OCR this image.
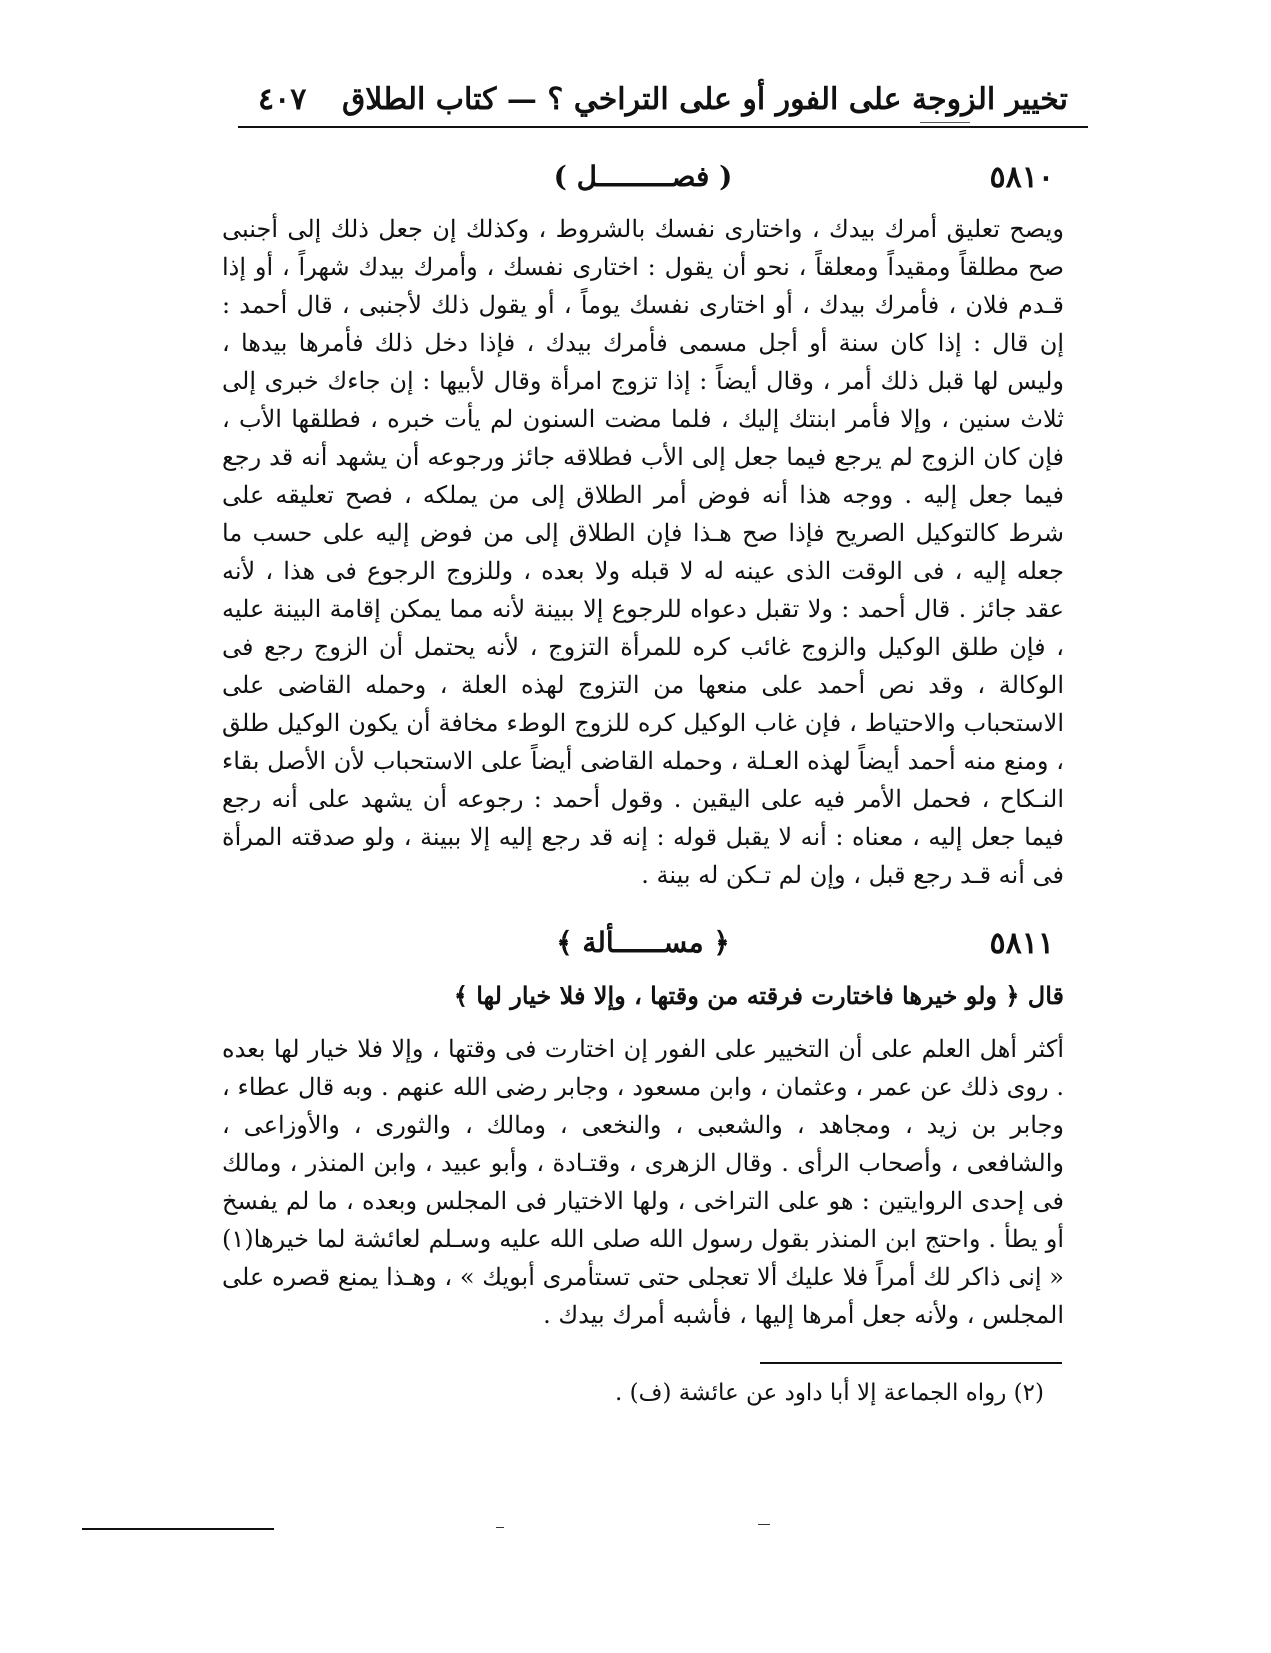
تخيير الزوجة على الفور أو على التراخي ؟ — كتاب الطلاق
٤٠٧
٥٨١٠
( فصـــــــــل )

ويصح تعليق أمرك بيدك ، واختارى نفسك بالشروط ، وكذلك إن جعل ذلك إلى أجنبى صح مطلقاً ومقيداً ومعلقاً ، نحو أن يقول : اختارى نفسك ، وأمرك بيدك شهراً ، أو إذا قـدم فلان ، فأمرك بيدك ، أو اختارى نفسك يوماً ، أو يقول ذلك لأجنبى ، قال أحمد : إن قال : إذا كان سنة أو أجل مسمى فأمرك بيدك ، فإذا دخل ذلك فأمرها بيدها ، وليس لها قبل ذلك أمر ، وقال أيضاً : إذا تزوج امرأة وقال لأبيها : إن جاءك خبرى إلى ثلاث سنين ، وإلا فأمر ابنتك إليك ، فلما مضت السنون لم يأت خبره ، فطلقها الأب ، فإن كان الزوج لم يرجع فيما جعل إلى الأب فطلاقه جائز ورجوعه أن يشهد أنه قد رجع فيما جعل إليه . ووجه هذا أنه فوض أمر الطلاق إلى من يملكه ، فصح تعليقه على شرط كالتوكيل الصريح فإذا صح هـذا فإن الطلاق إلى من فوض إليه على حسب ما جعله إليه ، فى الوقت الذى عينه له لا قبله ولا بعده ، وللزوج الرجوع فى هذا ، لأنه عقد جائز . قال أحمد : ولا تقبل دعواه للرجوع إلا ببينة لأنه مما يمكن إقامة البينة عليه ، فإن طلق الوكيل والزوج غائب كره للمرأة التزوج ، لأنه يحتمل أن الزوج رجع فى الوكالة ، وقد نص أحمد على منعها من التزوج لهذه العلة ، وحمله القاضى على الاستحباب والاحتياط ، فإن غاب الوكيل كره للزوج الوطء مخافة أن يكون الوكيل طلق ، ومنع منه أحمد أيضاً لهذه العـلة ، وحمله القاضى أيضاً على الاستحباب لأن الأصل بقاء النـكاح ، فحمل الأمر فيه على اليقين . وقول أحمد : رجوعه أن يشهد على أنه رجع فيما جعل إليه ، معناه : أنه لا يقبل قوله : إنه قد رجع إليه إلا ببينة ، ولو صدقته المرأة فى أنه قـد رجع قبل ، وإن لم تـكن له بينة .

٥٨١١
﴿ مســــــألة ﴾

قال ﴿ ولو خيرها فاختارت فرقته من وقتها ، وإلا فلا خيار لها ﴾

أكثر أهل العلم على أن التخيير على الفور إن اختارت فى وقتها ، وإلا فلا خيار لها بعده . روى ذلك عن عمر ، وعثمان ، وابن مسعود ، وجابر رضى الله عنهم . وبه قال عطاء ، وجابر بن زيد ، ومجاهد ، والشعبى ، والنخعى ، ومالك ، والثورى ، والأوزاعى ، والشافعى ، وأصحاب الرأى . وقال الزهرى ، وقتـادة ، وأبو عبيد ، وابن المنذر ، ومالك فى إحدى الروايتين : هو على التراخى ، ولها الاختيار فى المجلس وبعده ، ما لم يفسخ أو يطأ . واحتج ابن المنذر بقول رسول الله صلى الله عليه وسـلم لعائشة لما خيرها(١) « إنى ذاكر لك أمراً فلا عليك ألا تعجلى حتى تستأمرى أبويك » ، وهـذا يمنع قصره على المجلس ، ولأنه جعل أمرها إليها ، فأشبه أمرك بيدك .

(٢) رواه الجماعة إلا أبا داود عن عائشة (ف) .
